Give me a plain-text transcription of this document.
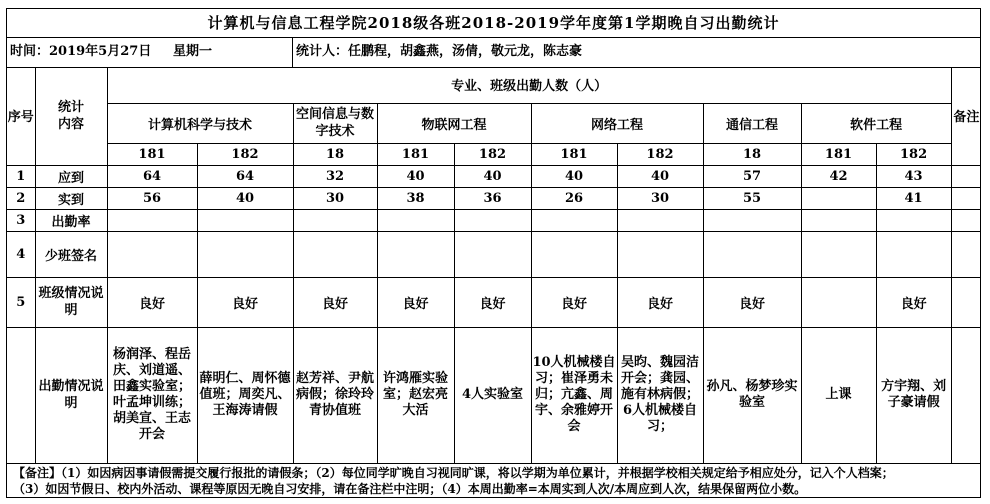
计算机与信息工程学院2018级各班2018-2019学年度第1学期晚自习出勤统计
时间：2019年5月27日 星期一	统计人：任鹏程，胡鑫燕，汤倩，敬元龙，陈志豪
序号	统计
内容	专业、班级出勤人数（人）										备注
		计算机科学与技术		空间信息与数字技术	物联网工程		网络工程		通信工程	软件工程		
		181	182	18	181	182	181	182	18	181	182	
1	应到	64	64	32	40	40	40	40	57	42	43	
2	实到	56	40	30	38	36	26	30	55		41	
3	出勤率											
4	少班签名											
5	班级情况说明	良好	良好	良好	良好	良好	良好	良好	良好		良好	
	出勤情况说明	杨润泽、程岳庆、刘道遥、田鑫实验室；叶孟坤训练；胡美宣、王志开会	薛明仁、周怀德值班；周奕凡、王海涛请假	赵芳祥、尹航病假；徐玲玲青协值班	许鸿雁实验室；赵宏亮大活	4人实验室	10人机械楼自习；崔泽勇未归；亢鑫、周宇、余雅婷开会	吴昀、魏园洁开会；龚园、施有林病假；6人机械楼自习；	孙凡、杨梦珍实验室	上课	方宇翔、刘子豪请假	
【备注】（1）如因病因事请假需提交履行报批的请假条；（2）每位同学旷晚自习视同旷课，将以学期为单位累计，并根据学校相关规定给予相应处分，记入个人档案；
（3）如因节假日、校内外活动、课程等原因无晚自习安排，请在备注栏中注明；（4）本周出勤率=本周实到人次/本周应到人次，结果保留两位小数。
